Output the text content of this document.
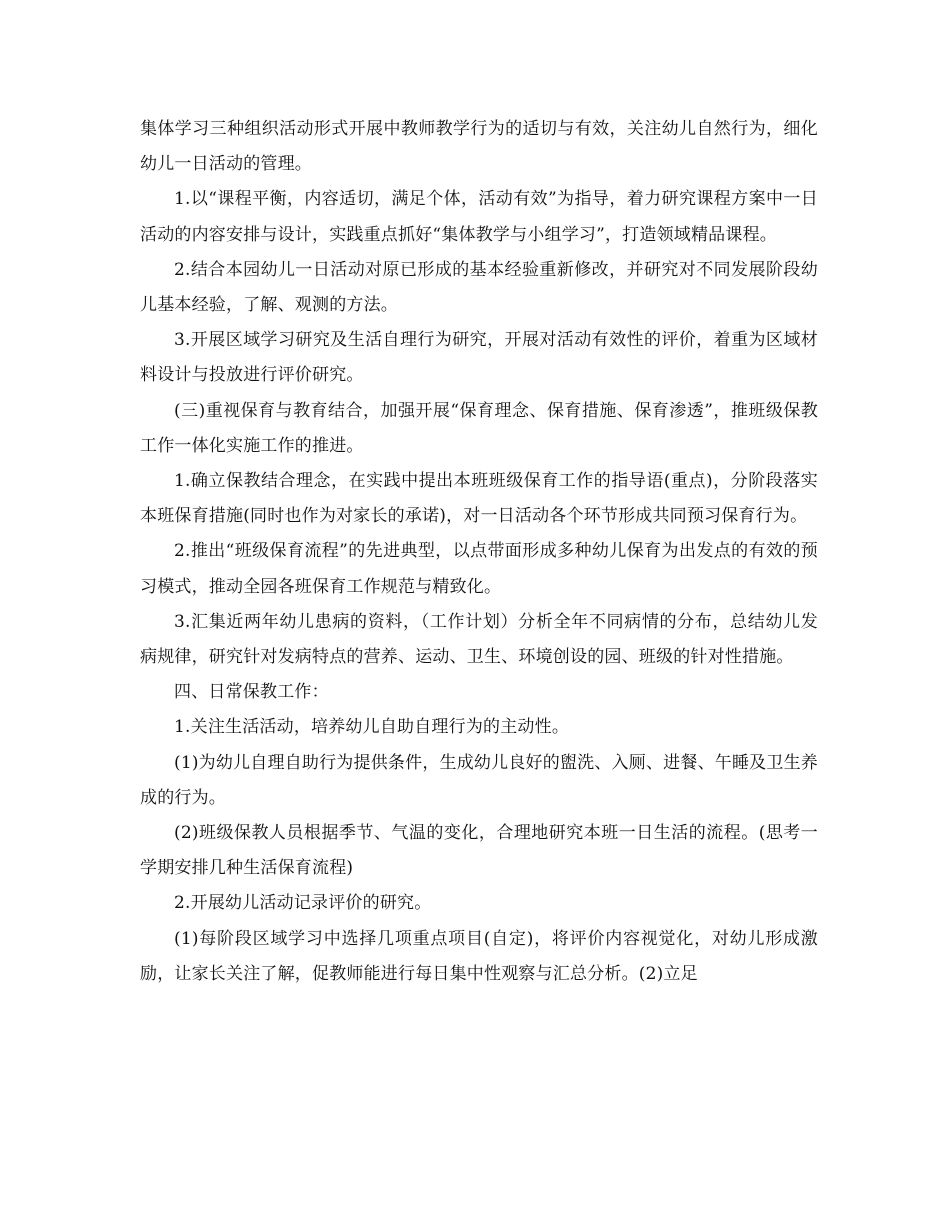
集体学习三种组织活动形式开展中教师教学行为的适切与有效，关注幼儿自然行为，细化幼儿一日活动的管理。

1.以“课程平衡，内容适切，满足个体，活动有效”为指导，着力研究课程方案中一日活动的内容安排与设计，实践重点抓好“集体教学与小组学习”，打造领域精品课程。

2.结合本园幼儿一日活动对原已形成的基本经验重新修改，并研究对不同发展阶段幼儿基本经验，了解、观测的方法。

3.开展区域学习研究及生活自理行为研究，开展对活动有效性的评价，着重为区域材料设计与投放进行评价研究。

(三)重视保育与教育结合，加强开展“保育理念、保育措施、保育渗透”，推班级保教工作一体化实施工作的推进。

1.确立保教结合理念，在实践中提出本班班级保育工作的指导语(重点)，分阶段落实本班保育措施(同时也作为对家长的承诺)，对一日活动各个环节形成共同预习保育行为。

2.推出“班级保育流程”的先进典型，以点带面形成多种幼儿保育为出发点的有效的预习模式，推动全园各班保育工作规范与精致化。

3.汇集近两年幼儿患病的资料，（工作计划）分析全年不同病情的分布，总结幼儿发病规律，研究针对发病特点的营养、运动、卫生、环境创设的园、班级的针对性措施。

四、日常保教工作：

1.关注生活活动，培养幼儿自助自理行为的主动性。

(1)为幼儿自理自助行为提供条件，生成幼儿良好的盥洗、入厕、进餐、午睡及卫生养成的行为。

(2)班级保教人员根据季节、气温的变化，合理地研究本班一日生活的流程。(思考一学期安排几种生活保育流程)

2.开展幼儿活动记录评价的研究。

(1)每阶段区域学习中选择几项重点项目(自定)，将评价内容视觉化，对幼儿形成激励，让家长关注了解，促教师能进行每日集中性观察与汇总分析。(2)立足
